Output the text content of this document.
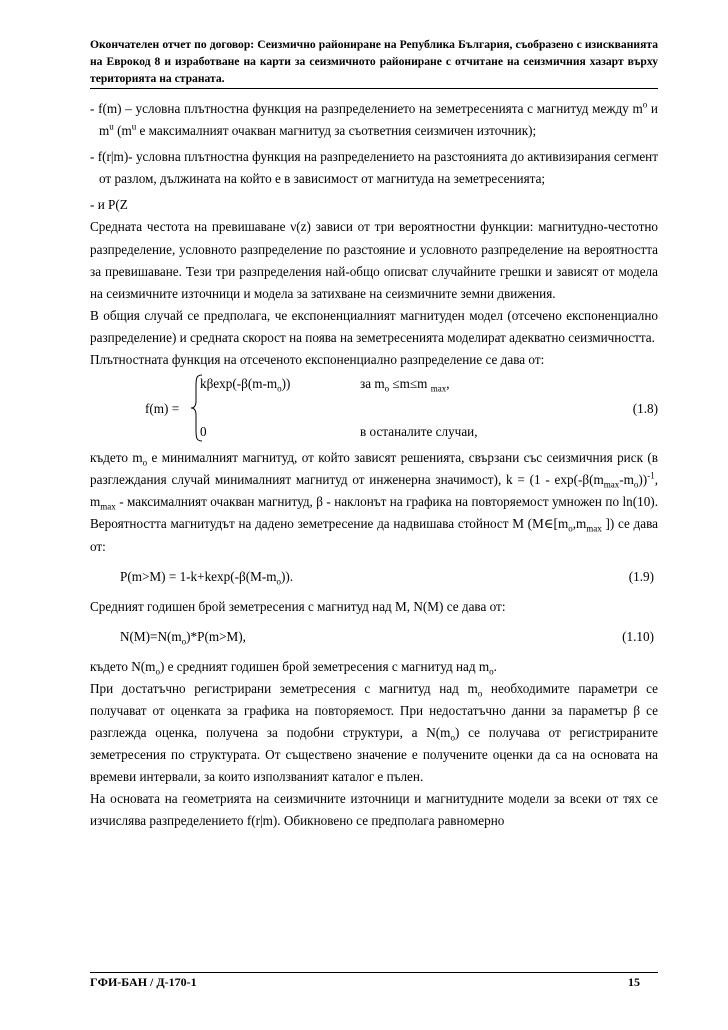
Окончателен отчет по договор: Сеизмично райониране на Република България, съобразено с изискванията на Еврокод 8 и изработване на карти за сеизмичното райониране с отчитане на сеизмичния хазарт върху територията на страната.

- f(m) – условна плътностна функция на разпределението на земетресенията с магнитуд между $m^o$ и $m^u$ ($m^u$ е максималният очакван магнитуд за съответния сеизмичен източник);

- f(r|m)- условна плътностна функция на разпределението на разстоянията до активизирания сегмент от разлом, дължината на който е в зависимост от магнитуда на земетресенията;

- и P(Z

Средната честота на превишаване ν(z) зависи от три вероятностни функции: магнитудно-честотно разпределение, условното разпределение по разстояние и условното разпределение на вероятността за превишаване. Тези три разпределения най-общо описват случайните грешки и зависят от модела на сеизмичните източници и модела за затихване на сеизмичните земни движения.

В общия случай се предполага, че експоненциалният магнитуден модел (отсечено експоненциално разпределение) и средната скорост на поява на земетресенията моделират адекватно сеизмичността.

Плътностната функция на отсеченото експоненциално разпределение се дава от:

f(m) =
$k\beta\exp(-\beta(m-m_o))$	за $m_o \le m\le m$ $_{max}$,
0	в останалите случаи,
(1.8)

където $m_o$ е минималният магнитуд, от който зависят решенията, свързани със сеизмичния риск (в разглеждания случай минималният магнитуд от инженерна значимост), $k = (1 - \exp(-\beta(m_{max}-m_o))^{-1}$, $m_{max}$ - максималният очакван магнитуд, β - наклонът на графика на повторяемост умножен по ln(10). Вероятността магнитудът на дадено земетресение да надвишава стойност M ($M\in[m_o,m_{max}$ ]) се дава от:

$P(m>M) = 1-k+kexp(-\beta(M-m_o))$.	(1.9)

Средният годишен брой земетресения с магнитуд над M, N(M) се дава от:

$N(M)=N(m_o)*P(m>M)$,	(1.10)

където $N(m_o)$ е средният годишен брой земетресения с магнитуд над $m_o$.

При достатъчно регистрирани земетресения с магнитуд над $m_o$ необходимите параметри се получават от оценката за графика на повторяемост. При недостатъчно данни за параметър β се разглежда оценка, получена за подобни структури, а $N(m_o)$ се получава от регистрираните земетресения по структурата. От съществено значение е получените оценки да са на основата на времеви интервали, за които използваният каталог е пълен.

На основата на геометрията на сеизмичните източници и магнитудните модели за всеки от тях се изчислява разпределението f(r|m). Обикновено се предполага равномерно

ГФИ-БАН / Д-170-1	15
